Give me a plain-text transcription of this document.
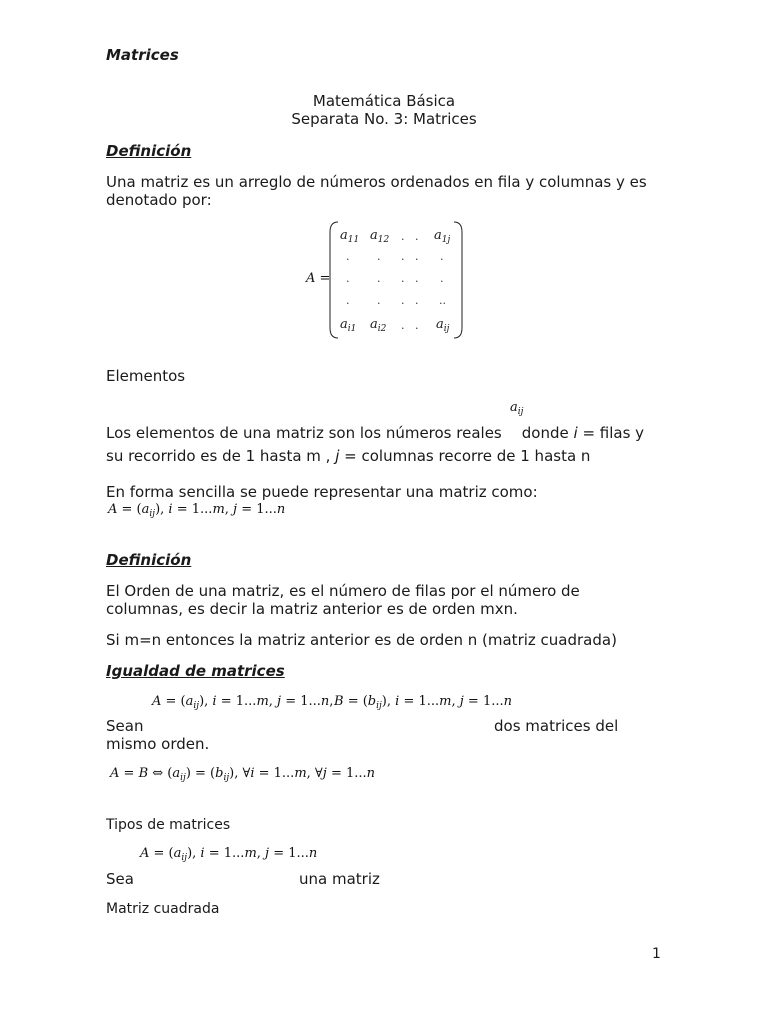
Matrices
Matemática Básica
Separata No. 3: Matrices
Definición
Una matriz es un arreglo de números ordenados en fila y columnas y es
denotado por:
A =
$a_{11}$ $a_{12}$ . . $a_{1j}$
.	. . . .
.	. . . .
.	. . . ..
$a_{i1}$ $a_{i2}$ . . $a_{ij}$
Elementos
$a_{ij}$
Los elementos de una matriz son los números reales donde i = filas y
su recorrido es de 1 hasta m , j = columnas recorre de 1 hasta n
En forma sencilla se puede representar una matriz como:
$A = (a_{ij})$, i = 1...m, j = 1...n
Definición
El Orden de una matriz, es el número de filas por el número de
columnas, es decir la matriz anterior es de orden mxn.
Si m=n entonces la matriz anterior es de orden n (matriz cuadrada)
Igualdad de matrices
$A = (a_{ij})$, i = 1...m, j = 1...n, $B = (b_{ij})$, i = 1...m, j = 1...n
Sean	dos matrices del
mismo orden.
A = B ⇔ $(a_{ij}) = (b_{ij})$, ∀i = 1...m, ∀j = 1...n
Tipos de matrices
$A = (a_{ij})$, i = 1...m, j = 1...n
Sea	una matriz
Matriz cuadrada
1
